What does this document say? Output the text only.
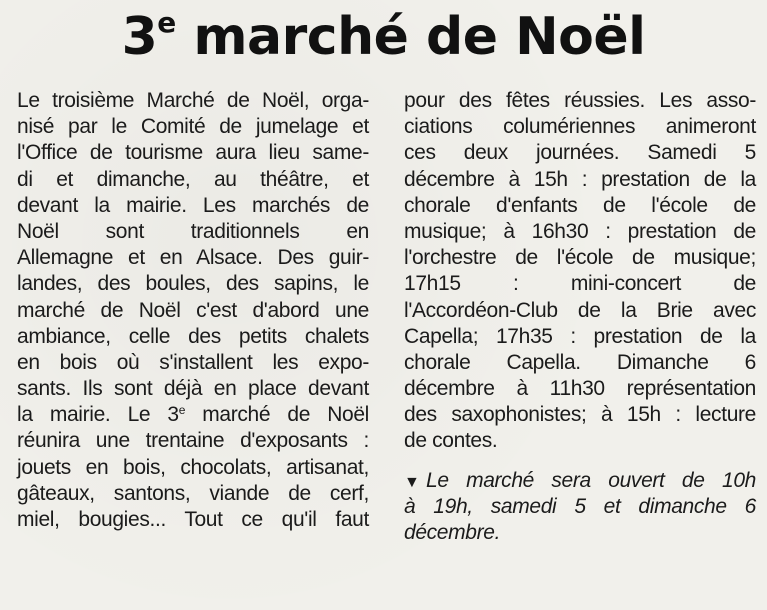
3e marché de Noël
Le troisième Marché de Noël, orga-
nisé par le Comité de jumelage et
l'Office de tourisme aura lieu same-
di et dimanche, au théâtre, et
devant la mairie. Les marchés de
Noël sont traditionnels en
Allemagne et en Alsace. Des guir-
landes, des boules, des sapins, le
marché de Noël c'est d'abord une
ambiance, celle des petits chalets
en bois où s'installent les expo-
sants. Ils sont déjà en place devant
la mairie. Le 3e marché de Noël
réunira une trentaine d'exposants :
jouets en bois, chocolats, artisanat,
gâteaux, santons, viande de cerf,
miel, bougies... Tout ce qu'il faut
pour des fêtes réussies. Les asso-
ciations columériennes animeront
ces deux journées. Samedi 5
décembre à 15h : prestation de la
chorale d'enfants de l'école de
musique; à 16h30 : prestation de
l'orchestre de l'école de musique;
17h15 : mini-concert de
l'Accordéon-Club de la Brie avec
Capella; 17h35 : prestation de la
chorale Capella. Dimanche 6
décembre à 11h30 représentation
des saxophonistes; à 15h : lecture
de contes.
▼ Le marché sera ouvert de 10h
à 19h, samedi 5 et dimanche 6
décembre.
